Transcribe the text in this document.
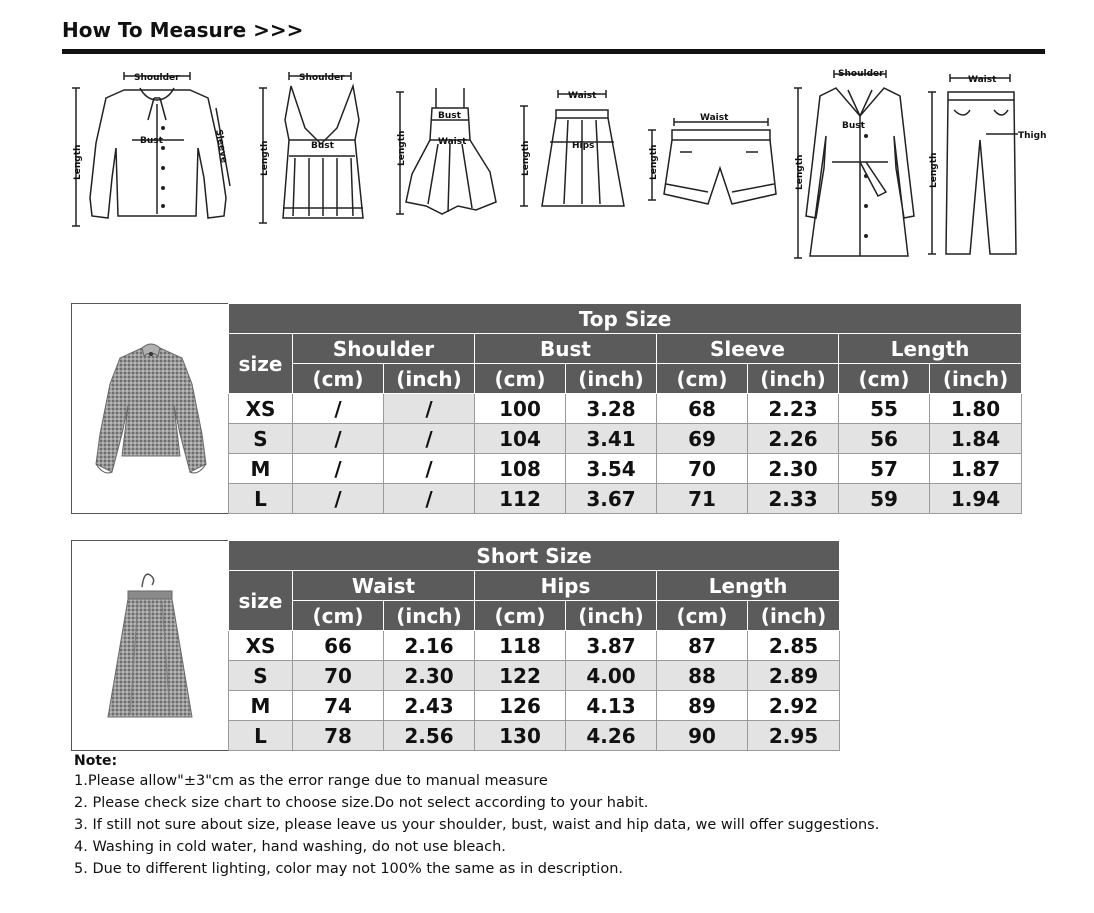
How To Measure >>>
Shoulder
Bust
Length	Sleeve
Shoulder
Bust
Length
Bust
Waist
Length
Waist
Hips
Length
Waist
Length
Shoulder
Bust
Length
Waist
Thigh
Length
Top Size								
size	Shoulder		Bust		Sleeve		Length	
	(cm)	(inch)	(cm)	(inch)	(cm)	(inch)	(cm)	(inch)
XS	/	/	100	3.28	68	2.23	55	1.80
S	/	/	104	3.41	69	2.26	56	1.84
M	/	/	108	3.54	70	2.30	57	1.87
L	/	/	112	3.67	71	2.33	59	1.94
Short Size						
size	Waist		Hips		Length	
	(cm)	(inch)	(cm)	(inch)	(cm)	(inch)
XS	66	2.16	118	3.87	87	2.85
S	70	2.30	122	4.00	88	2.89
M	74	2.43	126	4.13	89	2.92
L	78	2.56	130	4.26	90	2.95
Note:
1.Please allow"±3"cm as the error range due to manual measure
2. Please check size chart to choose size.Do not select according to your habit.
3. If still not sure about size, please leave us your shoulder, bust, waist and hip data, we will offer suggestions.
4. Washing in cold water, hand washing, do not use bleach.
5. Due to different lighting, color may not 100% the same as in description.
